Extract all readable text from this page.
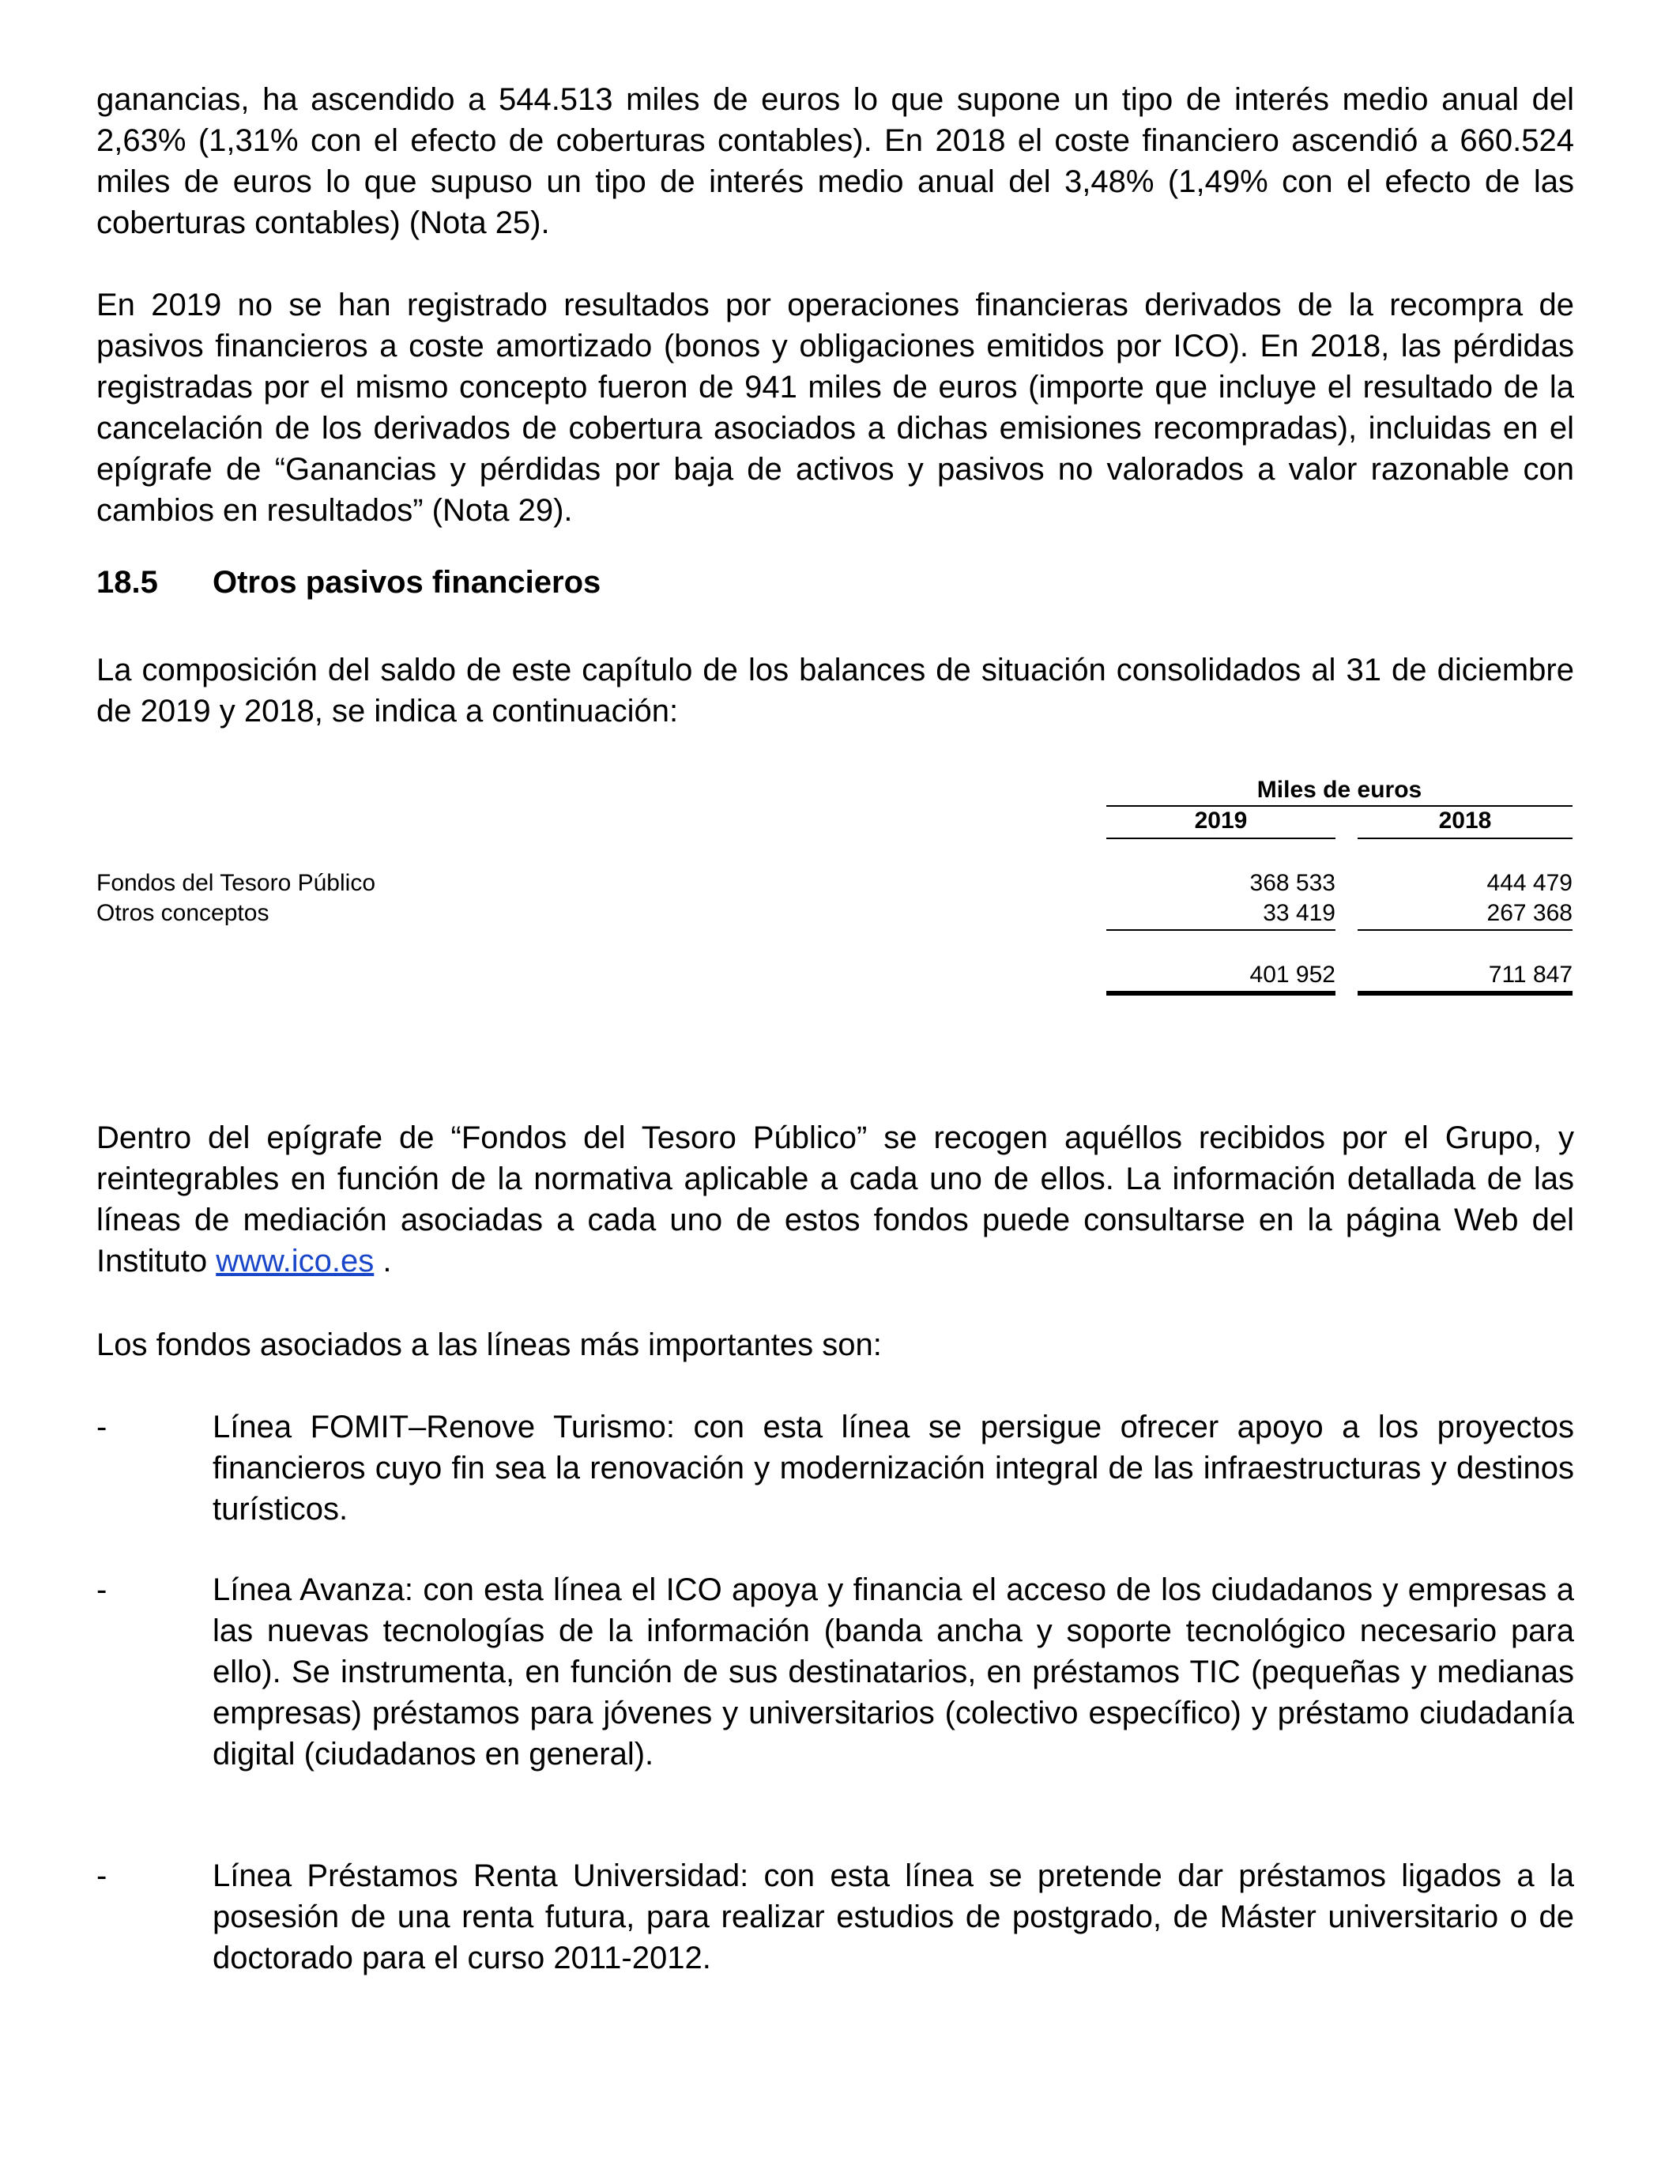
ganancias, ha ascendido a 544.513 miles de euros lo que supone un tipo de interés medio anual del 2,63% (1,31% con el efecto de coberturas contables). En 2018 el coste financiero ascendió a 660.524 miles de euros lo que supuso un tipo de interés medio anual del 3,48% (1,49% con el efecto de las coberturas contables) (Nota 25).

En 2019 no se han registrado resultados por operaciones financieras derivados de la recompra de pasivos financieros a coste amortizado (bonos y obligaciones emitidos por ICO). En 2018, las pérdidas registradas por el mismo concepto fueron de 941 miles de euros (importe que incluye el resultado de la cancelación de los derivados de cobertura asociados a dichas emisiones recompradas), incluidas en el epígrafe de “Ganancias y pérdidas por baja de activos y pasivos no valorados a valor razonable con cambios en resultados” (Nota 29).

18.5 Otros pasivos financieros

La composición del saldo de este capítulo de los balances de situación consolidados al 31 de diciembre de 2019 y 2018, se indica a continuación:

Miles de euros
2019	2018
Fondos del Tesoro Público	368 533	444 479
Otros conceptos	33 419	267 368
401 952	711 847

Dentro del epígrafe de “Fondos del Tesoro Público” se recogen aquéllos recibidos por el Grupo, y reintegrables en función de la normativa aplicable a cada uno de ellos. La información detallada de las líneas de mediación asociadas a cada uno de estos fondos puede consultarse en la página Web del Instituto www.ico.es .

Los fondos asociados a las líneas más importantes son:

-	Línea FOMIT–Renove Turismo: con esta línea se persigue ofrecer apoyo a los proyectos financieros cuyo fin sea la renovación y modernización integral de las infraestructuras y destinos turísticos.

-	Línea Avanza: con esta línea el ICO apoya y financia el acceso de los ciudadanos y empresas a las nuevas tecnologías de la información (banda ancha y soporte tecnológico necesario para ello). Se instrumenta, en función de sus destinatarios, en préstamos TIC (pequeñas y medianas empresas) préstamos para jóvenes y universitarios (colectivo específico) y préstamo ciudadanía digital (ciudadanos en general).

-	Línea Préstamos Renta Universidad: con esta línea se pretende dar préstamos ligados a la posesión de una renta futura, para realizar estudios de postgrado, de Máster universitario o de doctorado para el curso 2011-2012.
